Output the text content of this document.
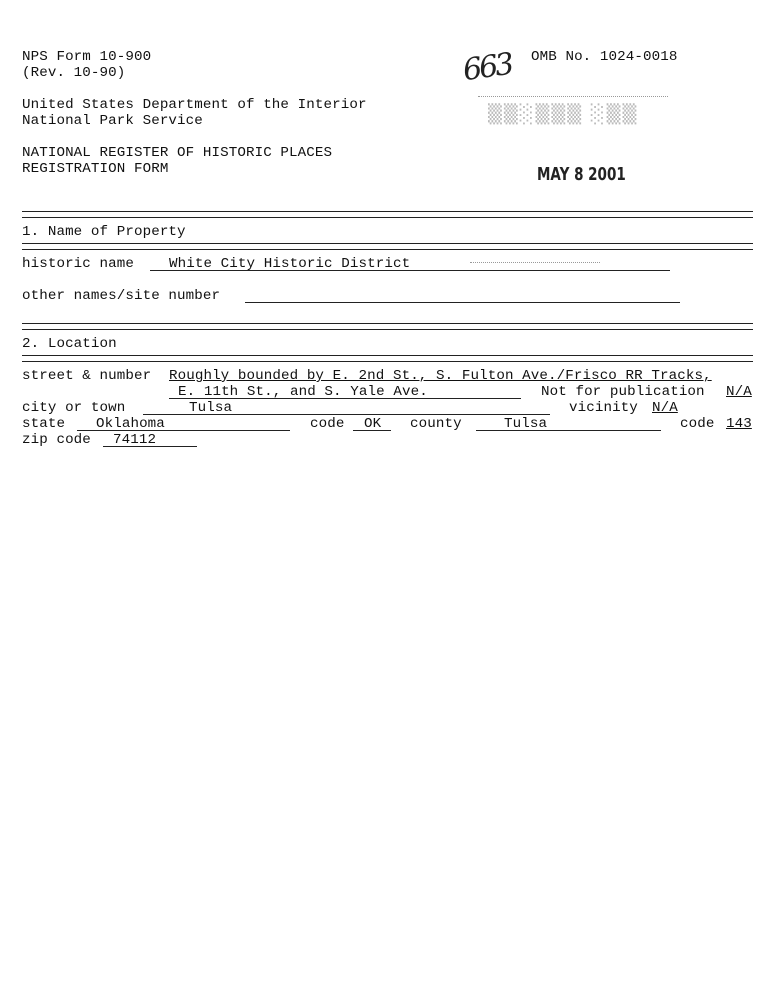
NPS Form 10-900
(Rev. 10-90)
OMB No. 1024-0018
United States Department of the Interior
National Park Service
NATIONAL REGISTER OF HISTORIC PLACES
REGISTRATION FORM
663
▒▒░▒▒▒ ░▒▒
MAY 8 2001
1. Name of Property
historic name White City Historic District
other names/site number
2. Location
street & number Roughly bounded by E. 2nd St., S. Fulton Ave./Frisco RR Tracks,
E. 11th St., and S. Yale Ave.	Not for publication N/A
city or town	Tulsa	vicinity N/A
state Oklahoma	code OK county	Tulsa	code 143
zip code 74112
